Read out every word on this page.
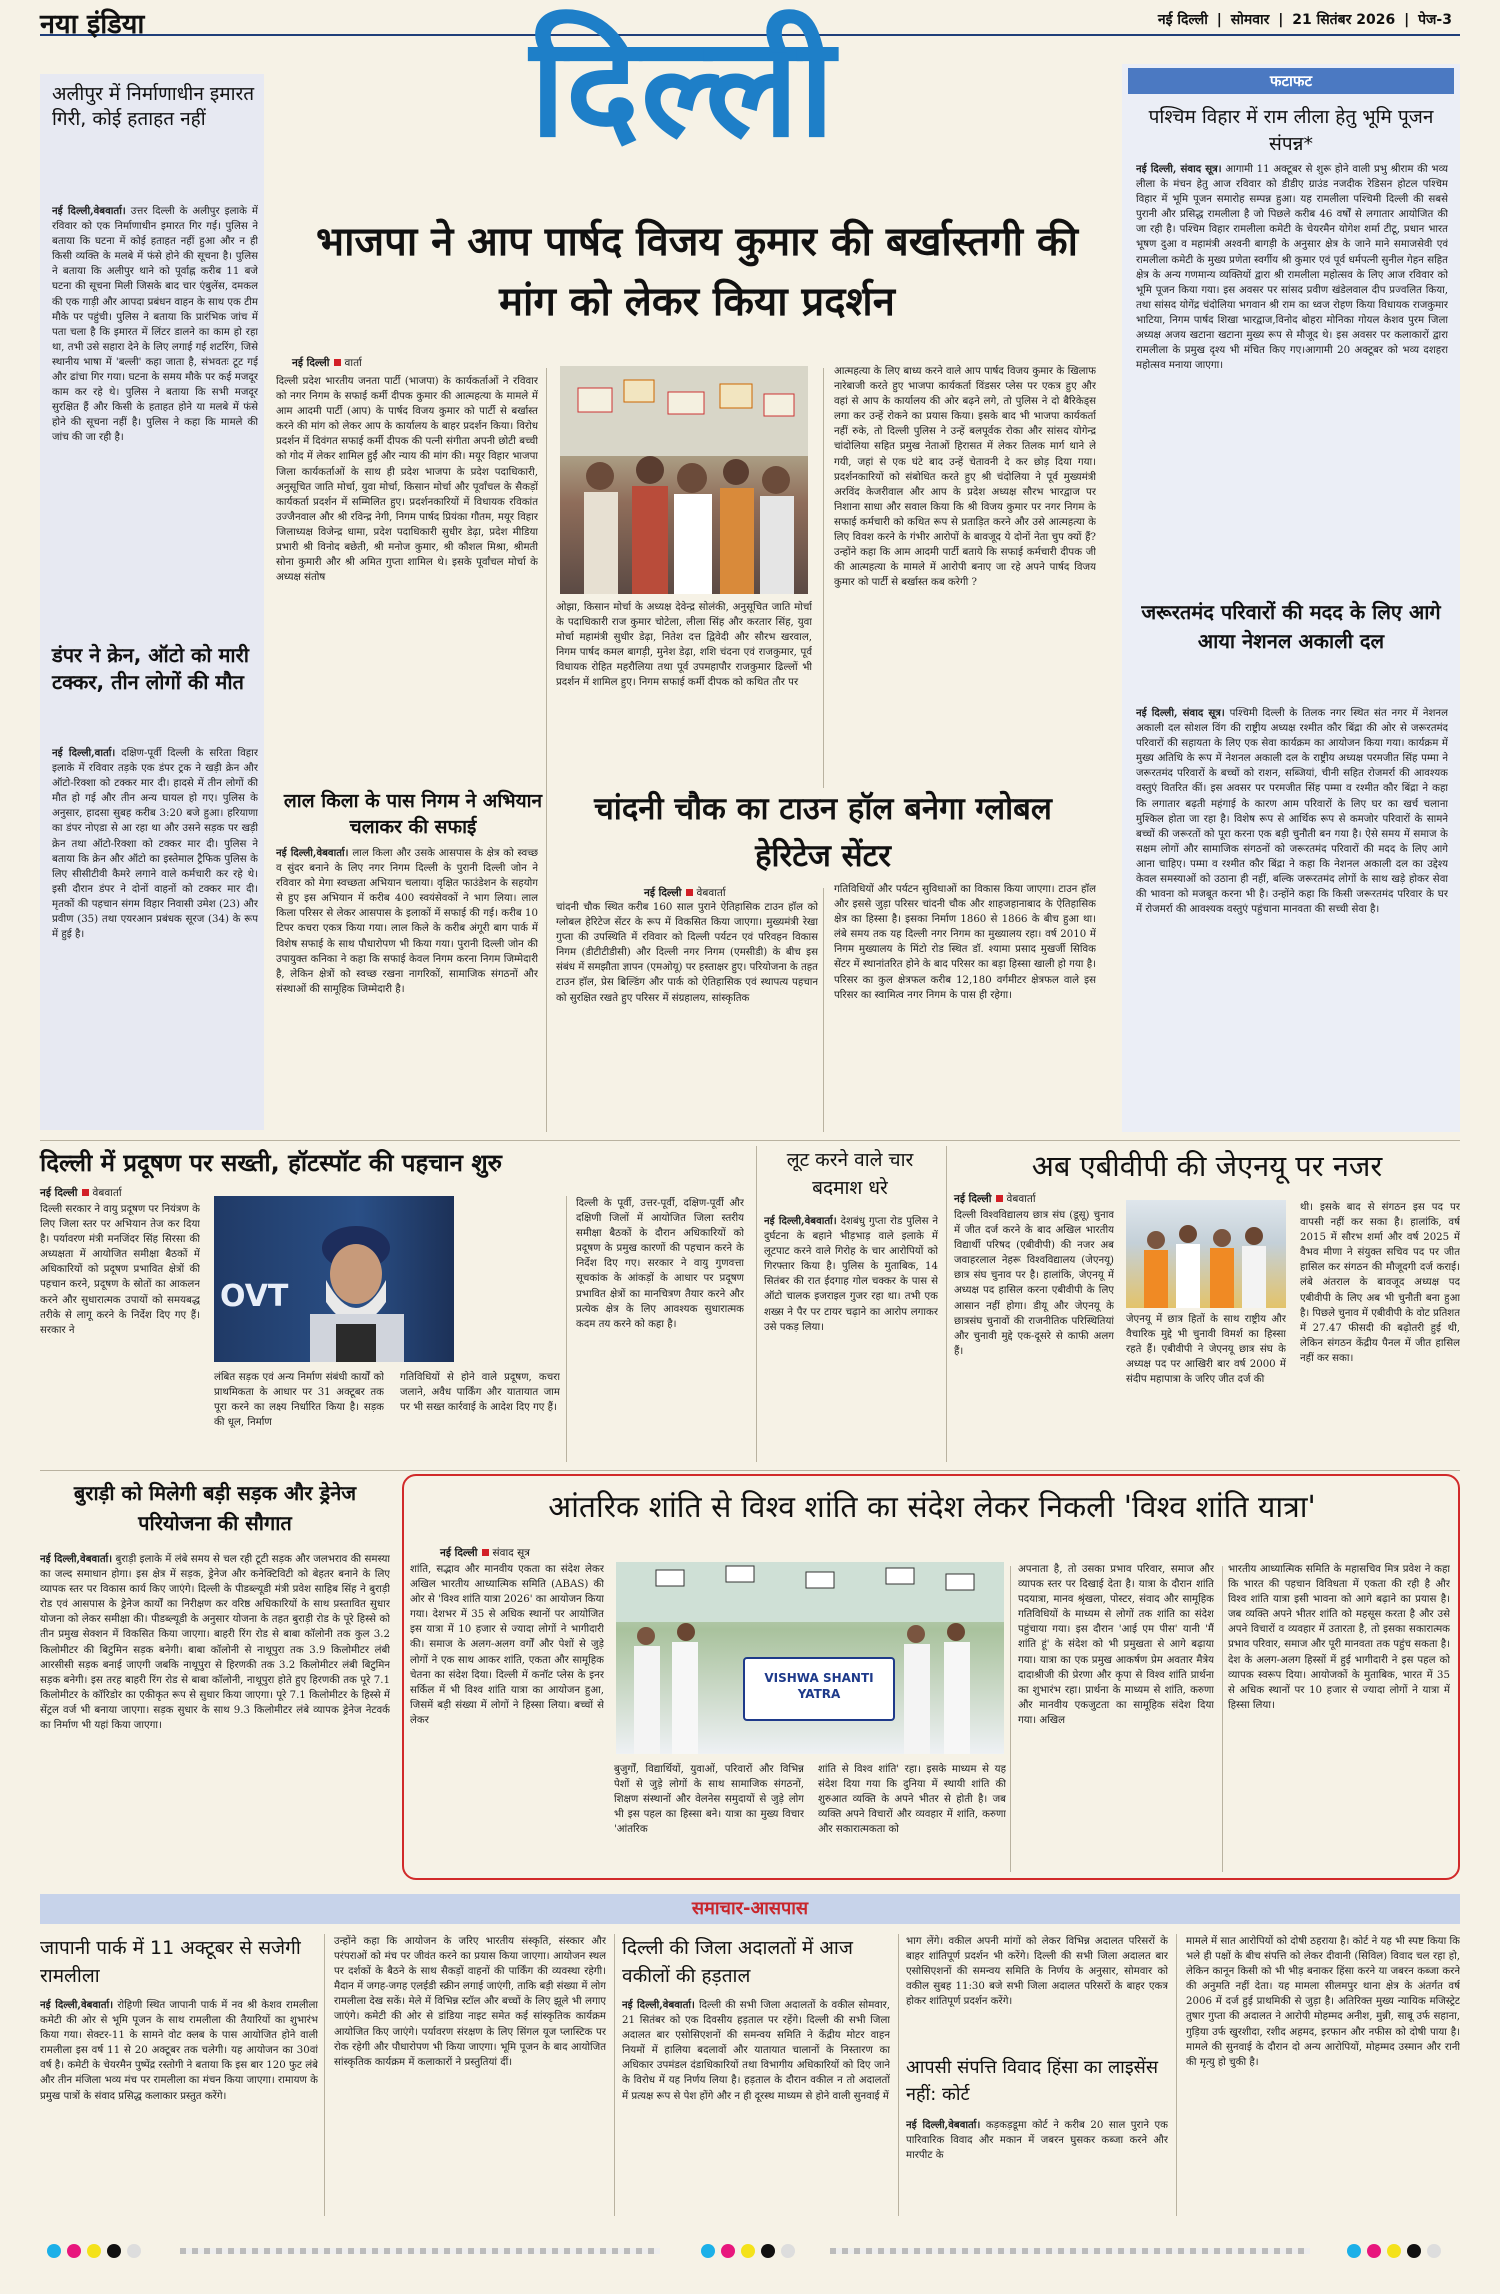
नया इंडिया	नई दिल्ली | सोमवार | 21 सितंबर 2026 | पेज-3
दिल्ली
अलीपुर में निर्माणाधीन इमारत गिरी, कोई हताहत नहीं
नई दिल्ली,वेबवार्ता। उत्तर दिल्ली के अलीपुर इलाके में रविवार को एक निर्माणाधीन इमारत गिर गई। पुलिस ने बताया कि घटना में कोई हताहत नहीं हुआ और न ही किसी व्यक्ति के मलबे में फंसे होने की सूचना है। पुलिस ने बताया कि अलीपुर थाने को पूर्वाह्न करीब 11 बजे घटना की सूचना मिली जिसके बाद चार एंबुलेंस, दमकल की एक गाड़ी और आपदा प्रबंधन वाहन के साथ एक टीम मौके पर पहुंची। पुलिस ने बताया कि प्रारंभिक जांच में पता चला है कि इमारत में लिंटर डालने का काम हो रहा था, तभी उसे सहारा देने के लिए लगाई गई शटरिंग, जिसे स्थानीय भाषा में 'बल्ली' कहा जाता है, संभवतः टूट गई और ढांचा गिर गया। घटना के समय मौके पर कई मजदूर काम कर रहे थे। पुलिस ने बताया कि सभी मजदूर सुरक्षित हैं और किसी के हताहत होने या मलबे में फंसे होने की सूचना नहीं है। पुलिस ने कहा कि मामले की जांच की जा रही है।
डंपर ने क्रेन, ऑटो को मारी टक्कर, तीन लोगों की मौत
नई दिल्ली,वार्ता। दक्षिण-पूर्वी दिल्ली के सरिता विहार इलाके में रविवार तड़के एक डंपर ट्रक ने खड़ी क्रेन और ऑटो-रिक्शा को टक्कर मार दी। हादसे में तीन लोगों की मौत हो गई और तीन अन्य घायल हो गए। पुलिस के अनुसार, हादसा सुबह करीब 3:20 बजे हुआ। हरियाणा का डंपर नोएडा से आ रहा था और उसने सड़क पर खड़ी क्रेन तथा ऑटो-रिक्शा को टक्कर मार दी। पुलिस ने बताया कि क्रेन और ऑटो का इस्तेमाल ट्रैफिक पुलिस के लिए सीसीटीवी कैमरे लगाने वाले कर्मचारी कर रहे थे। इसी दौरान डंपर ने दोनों वाहनों को टक्कर मार दी। मृतकों की पहचान संगम विहार निवासी उमेश (23) और प्रवीण (35) तथा एयरआन प्रबंधक सूरज (34) के रूप में हुई है।
भाजपा ने आप पार्षद विजय कुमार की बर्खास्तगी की मांग को लेकर किया प्रदर्शन
नई दिल्ली वार्ता
दिल्ली प्रदेश भारतीय जनता पार्टी (भाजपा) के कार्यकर्ताओं ने रविवार को नगर निगम के सफाई कर्मी दीपक कुमार की आत्महत्या के मामले में आम आदमी पार्टी (आप) के पार्षद विजय कुमार को पार्टी से बर्खास्त करने की मांग को लेकर आप के कार्यालय के बाहर प्रदर्शन किया। विरोध प्रदर्शन में दिवंगत सफाई कर्मी दीपक की पत्नी संगीता अपनी छोटी बच्ची को गोद में लेकर शामिल हुईं और न्याय की मांग की। मयूर विहार भाजपा जिला कार्यकर्ताओं के साथ ही प्रदेश भाजपा के प्रदेश पदाधिकारी, अनुसूचित जाति मोर्चा, युवा मोर्चा, किसान मोर्चा और पूर्वांचल के सैकड़ों कार्यकर्ता प्रदर्शन में सम्मिलित हुए। प्रदर्शनकारियों में विधायक रविकांत उज्जैनवाल और श्री रविन्द्र नेगी, निगम पार्षद प्रियंका गौतम, मयूर विहार जिलाध्यक्ष विजेन्द्र धामा, प्रदेश पदाधिकारी सुधीर डेढ़ा, प्रदेश मीडिया प्रभारी श्री विनोद बछेती, श्री मनोज कुमार, श्री कौशल मिश्रा, श्रीमती सोना कुमारी और श्री अमित गुप्ता शामिल थे। इसके पूर्वांचल मोर्चा के अध्यक्ष संतोष
ओझा, किसान मोर्चा के अध्यक्ष देवेन्द्र सोलंकी, अनुसूचित जाति मोर्चा के पदाधिकारी राज कुमार चोटेला, लीला सिंह और करतार सिंह, युवा मोर्चा महामंत्री सुधीर डेढ़ा, नितेश दत्त द्विवेदी और सौरभ खरवाल, निगम पार्षद कमल बागड़ी, मुनेश डेढ़ा, शशि चंदना एवं राजकुमार, पूर्व विधायक रोहित महरौलिया तथा पूर्व उपमहापौर राजकुमार ढिल्लों भी प्रदर्शन में शामिल हुए। निगम सफाई कर्मी दीपक को कथित तौर पर
आत्महत्या के लिए बाध्य करने वाले आप पार्षद विजय कुमार के खिलाफ नारेबाजी करते हुए भाजपा कार्यकर्ता विंडसर प्लेस पर एकत्र हुए और वहां से आप के कार्यालय की ओर बढ़ने लगे, तो पुलिस ने दो बैरिकेड्स लगा कर उन्हें रोकने का प्रयास किया। इसके बाद भी भाजपा कार्यकर्ता नहीं रुके, तो दिल्ली पुलिस ने उन्हें बलपूर्वक रोका और सांसद योगेन्द्र चांदोलिया सहित प्रमुख नेताओं हिरासत में लेकर तिलक मार्ग थाने ले गयी, जहां से एक घंटे बाद उन्हें चेतावनी दे कर छोड़ दिया गया। प्रदर्शनकारियों को संबोधित करते हुए श्री चंदोलिया ने पूर्व मुख्यमंत्री अरविंद केजरीवाल और आप के प्रदेश अध्यक्ष सौरभ भारद्वाज पर निशाना साधा और सवाल किया कि श्री विजय कुमार पर नगर निगम के सफाई कर्मचारी को कथित रूप से प्रताड़ित करने और उसे आत्महत्या के लिए विवश करने के गंभीर आरोपों के बावजूद ये दोनों नेता चुप क्यों हैं? उन्होंने कहा कि आम आदमी पार्टी बताये कि सफाई कर्मचारी दीपक जी की आत्महत्या के मामले में आरोपी बनाए जा रहे अपने पार्षद विजय कुमार को पार्टी से बर्खास्त कब करेगी ?
लाल किला के पास निगम ने अभियान चलाकर की सफाई
नई दिल्ली,वेबवार्ता। लाल किला और उसके आसपास के क्षेत्र को स्वच्छ व सुंदर बनाने के लिए नगर निगम दिल्ली के पुरानी दिल्ली जोन ने रविवार को मेगा स्वच्छता अभियान चलाया। वृक्षित फाउंडेशन के सहयोग से हुए इस अभियान में करीब 400 स्वयंसेवकों ने भाग लिया। लाल किला परिसर से लेकर आसपास के इलाकों में सफाई की गई। करीब 10 टिपर कचरा एकत्र किया गया। लाल किले के करीब अंगूरी बाग पार्क में विशेष सफाई के साथ पौधारोपण भी किया गया। पुरानी दिल्ली जोन की उपायुक्त कनिका ने कहा कि सफाई केवल निगम करना निगम जिम्मेदारी है, लेकिन क्षेत्रों को स्वच्छ रखना नागरिकों, सामाजिक संगठनों और संस्थाओं की सामूहिक जिम्मेदारी है।
चांदनी चौक का टाउन हॉल बनेगा ग्लोबल हेरिटेज सेंटर
नई दिल्ली वेबवार्ता
चांदनी चौक स्थित करीब 160 साल पुराने ऐतिहासिक टाउन हॉल को ग्लोबल हेरिटेज सेंटर के रूप में विकसित किया जाएगा। मुख्यमंत्री रेखा गुप्ता की उपस्थिति में रविवार को दिल्ली पर्यटन एवं परिवहन विकास निगम (डीटीटीडीसी) और दिल्ली नगर निगम (एमसीडी) के बीच इस संबंध में समझौता ज्ञापन (एमओयू) पर हस्ताक्षर हुए। परियोजना के तहत टाउन हॉल, प्रेस बिल्डिंग और पार्क को ऐतिहासिक एवं स्थापत्य पहचान को सुरक्षित रखते हुए परिसर में संग्रहालय, सांस्कृतिक
गतिविधियों और पर्यटन सुविधाओं का विकास किया जाएगा। टाउन हॉल और इससे जुड़ा परिसर चांदनी चौक और शाहजहानाबाद के ऐतिहासिक क्षेत्र का हिस्सा है। इसका निर्माण 1860 से 1866 के बीच हुआ था। लंबे समय तक यह दिल्ली नगर निगम का मुख्यालय रहा। वर्ष 2010 में निगम मुख्यालय के मिंटो रोड स्थित डॉ. श्यामा प्रसाद मुखर्जी सिविक सेंटर में स्थानांतरित होने के बाद परिसर का बड़ा हिस्सा खाली हो गया है। परिसर का कुल क्षेत्रफल करीब 12,180 वर्गमीटर क्षेत्रफल वाले इस परिसर का स्वामित्व नगर निगम के पास ही रहेगा।
फटाफट
पश्चिम विहार में राम लीला हेतु भूमि पूजन संपन्न*
नई दिल्ली, संवाद सूत्र। आगामी 11 अक्टूबर से शुरू होने वाली प्रभु श्रीराम की भव्य लीला के मंचन हेतु आज रविवार को डीडीए ग्राउंड नजदीक रेडिसन होटल पश्चिम विहार में भूमि पूजन समारोह सम्पन्न हुआ। यह रामलीला पश्चिमी दिल्ली की सबसे पुरानी और प्रसिद्ध रामलीला है जो पिछले करीब 46 वर्षों से लगातार आयोजित की जा रही है। पश्चिम विहार रामलीला कमेटी के चेयरमैन योगेश शर्मा टीटू, प्रधान भारत भूषण दुआ व महामंत्री अश्वनी बागड़ी के अनुसार क्षेत्र के जाने माने समाजसेवी एवं रामलीला कमेटी के मुख्य प्रणेता स्वर्गीय श्री कुमार एवं पूर्व धर्मपत्नी सुनील गेहन सहित क्षेत्र के अन्य गणमान्य व्यक्तियों द्वारा श्री रामलीला महोत्सव के लिए आज रविवार को भूमि पूजन किया गया। इस अवसर पर सांसद प्रवीण खंडेलवाल दीप प्रज्वलित किया, तथा सांसद योगेंद्र चंदोलिया भगवान श्री राम का ध्वज रोहण किया विधायक राजकुमार भाटिया, निगम पार्षद शिखा भारद्वाज,विनोद बोहरा मोनिका गोयल केशव पुरम जिला अध्यक्ष अजय खटाना खटाना मुख्य रूप से मौजूद थे। इस अवसर पर कलाकारों द्वारा रामलीला के प्रमुख दृश्य भी मंचित किए गए।आगामी 20 अक्टूबर को भव्य दशहरा महोत्सव मनाया जाएगा।
जरूरतमंद परिवारों की मदद के लिए आगे आया नेशनल अकाली दल
नई दिल्ली, संवाद सूत्र। पश्चिमी दिल्ली के तिलक नगर स्थित संत नगर में नेशनल अकाली दल सोशल विंग की राष्ट्रीय अध्यक्ष रश्मीत कौर बिंद्रा की ओर से जरूरतमंद परिवारों की सहायता के लिए एक सेवा कार्यक्रम का आयोजन किया गया। कार्यक्रम में मुख्य अतिथि के रूप में नेशनल अकाली दल के राष्ट्रीय अध्यक्ष परमजीत सिंह पम्मा ने जरूरतमंद परिवारों के बच्चों को राशन, सब्जियां, चीनी सहित रोजमर्रा की आवश्यक वस्तुएं वितरित कीं। इस अवसर पर परमजीत सिंह पम्मा व रश्मीत कौर बिंद्रा ने कहा कि लगातार बढ़ती महंगाई के कारण आम परिवारों के लिए घर का खर्च चलाना मुश्किल होता जा रहा है। विशेष रूप से आर्थिक रूप से कमजोर परिवारों के सामने बच्चों की जरूरतों को पूरा करना एक बड़ी चुनौती बन गया है। ऐसे समय में समाज के सक्षम लोगों और सामाजिक संगठनों को जरूरतमंद परिवारों की मदद के लिए आगे आना चाहिए। पम्मा व रश्मीत कौर बिंद्रा ने कहा कि नेशनल अकाली दल का उद्देश्य केवल समस्याओं को उठाना ही नहीं, बल्कि जरूरतमंद लोगों के साथ खड़े होकर सेवा की भावना को मजबूत करना भी है। उन्होंने कहा कि किसी जरूरतमंद परिवार के घर में रोजमर्रा की आवश्यक वस्तुएं पहुंचाना मानवता की सच्ची सेवा है।
दिल्ली में प्रदूषण पर सख्ती, हॉटस्पॉट की पहचान शुरु
नई दिल्ली वेबवार्ता
दिल्ली सरकार ने वायु प्रदूषण पर नियंत्रण के लिए जिला स्तर पर अभियान तेज कर दिया है। पर्यावरण मंत्री मनजिंदर सिंह सिरसा की अध्यक्षता में आयोजित समीक्षा बैठकों में अधिकारियों को प्रदूषण प्रभावित क्षेत्रों की पहचान करने, प्रदूषण के स्रोतों का आकलन करने और सुधारात्मक उपायों को समयबद्ध तरीके से लागू करने के निर्देश दिए गए हैं। सरकार ने
OVT
लंबित सड़क एवं अन्य निर्माण संबंधी कार्यों को प्राथमिकता के आधार पर 31 अक्टूबर तक पूरा करने का लक्ष्य निर्धारित किया है। सड़क की धूल, निर्माण
गतिविधियों से होने वाले प्रदूषण, कचरा जलाने, अवैध पार्किंग और यातायात जाम पर भी सख्त कार्रवाई के आदेश दिए गए हैं।
दिल्ली के पूर्वी, उत्तर-पूर्वी, दक्षिण-पूर्वी और दक्षिणी जिलों में आयोजित जिला स्तरीय समीक्षा बैठकों के दौरान अधिकारियों को प्रदूषण के प्रमुख कारणों की पहचान करने के निर्देश दिए गए। सरकार ने वायु गुणवत्ता सूचकांक के आंकड़ों के आधार पर प्रदूषण प्रभावित क्षेत्रों का मानचित्रण तैयार करने और प्रत्येक क्षेत्र के लिए आवश्यक सुधारात्मक कदम तय करने को कहा है।
लूट करने वाले चार बदमाश धरे
नई दिल्ली,वेबवार्ता। देशबंधु गुप्ता रोड पुलिस ने दुर्घटना के बहाने भीड़भाड़ वाले इलाके में लूटपाट करने वाले गिरोह के चार आरोपियों को गिरफ्तार किया है। पुलिस के मुताबिक, 14 सितंबर की रात ईदगाह गोल चक्कर के पास से ऑटो चालक इजराइल गुजर रहा था। तभी एक शख्स ने पैर पर टायर चढ़ाने का आरोप लगाकर उसे पकड़ लिया।
अब एबीवीपी की जेएनयू पर नजर
नई दिल्ली वेबवार्ता
दिल्ली विश्वविद्यालय छात्र संघ (डूसू) चुनाव में जीत दर्ज करने के बाद अखिल भारतीय विद्यार्थी परिषद (एबीवीपी) की नजर अब जवाहरलाल नेहरू विश्वविद्यालय (जेएनयू) छात्र संघ चुनाव पर है। हालांकि, जेएनयू में अध्यक्ष पद हासिल करना एबीवीपी के लिए आसान नहीं होगा। डीयू और जेएनयू के छात्रसंघ चुनावों की राजनीतिक परिस्थितियां और चुनावी मुद्दे एक-दूसरे से काफी अलग हैं।
जेएनयू में छात्र हितों के साथ राष्ट्रीय और वैचारिक मुद्दे भी चुनावी विमर्श का हिस्सा रहते हैं। एबीवीपी ने जेएनयू छात्र संघ के अध्यक्ष पद पर आखिरी बार वर्ष 2000 में संदीप महापात्रा के जरिए जीत दर्ज की
थी। इसके बाद से संगठन इस पद पर वापसी नहीं कर सका है। हालांकि, वर्ष 2015 में सौरभ शर्मा और वर्ष 2025 में वैभव मीणा ने संयुक्त सचिव पद पर जीत हासिल कर संगठन की मौजूदगी दर्ज कराई। लंबे अंतराल के बावजूद अध्यक्ष पद एबीवीपी के लिए अब भी चुनौती बना हुआ है। पिछले चुनाव में एबीवीपी के वोट प्रतिशत में 27.47 फीसदी की बढ़ोतरी हुई थी, लेकिन संगठन केंद्रीय पैनल में जीत हासिल नहीं कर सका।
बुराड़ी को मिलेगी बड़ी सड़क और ड्रेनेज परियोजना की सौगात
नई दिल्ली,वेबवार्ता। बुराड़ी इलाके में लंबे समय से चल रही टूटी सड़क और जलभराव की समस्या का जल्द समाधान होगा। इस क्षेत्र में सड़क, ड्रेनेज और कनेक्टिविटी को बेहतर बनाने के लिए व्यापक स्तर पर विकास कार्य किए जाएंगे। दिल्ली के पीडब्ल्यूडी मंत्री प्रवेश साहिब सिंह ने बुराड़ी रोड एवं आसपास के ड्रेनेज कार्यों का निरीक्षण कर वरिष्ठ अधिकारियों के साथ प्रस्तावित सुधार योजना को लेकर समीक्षा की। पीडब्ल्यूडी के अनुसार योजना के तहत बुराड़ी रोड के पूरे हिस्से को तीन प्रमुख सेक्शन में विकसित किया जाएगा। बाहरी रिंग रोड से बाबा कॉलोनी तक कुल 3.2 किलोमीटर की बिटुमिन सड़क बनेगी। बाबा कॉलोनी से नाथूपुरा तक 3.9 किलोमीटर लंबी आरसीसी सड़क बनाई जाएगी जबकि नाथूपुरा से हिरणकी तक 3.2 किलोमीटर लंबी बिटुमिन सड़क बनेगी। इस तरह बाहरी रिंग रोड से बाबा कॉलोनी, नाथूपुरा होते हुए हिरणकी तक पूरे 7.1 किलोमीटर के कॉरिडोर का एकीकृत रूप से सुधार किया जाएगा। पूरे 7.1 किलोमीटर के हिस्से में सेंट्रल वर्ज भी बनाया जाएगा। सड़क सुधार के साथ 9.3 किलोमीटर लंबे व्यापक ड्रेनेज नेटवर्क का निर्माण भी यहां किया जाएगा।
आंतरिक शांति से विश्व शांति का संदेश लेकर निकली 'विश्व शांति यात्रा'
नई दिल्ली संवाद सूत्र
शांति, सद्भाव और मानवीय एकता का संदेश लेकर अखिल भारतीय आध्यात्मिक समिति (ABAS) की ओर से 'विश्व शांति यात्रा 2026' का आयोजन किया गया। देशभर में 35 से अधिक स्थानों पर आयोजित इस यात्रा में 10 हजार से ज्यादा लोगों ने भागीदारी की। समाज के अलग-अलग वर्गों और पेशों से जुड़े लोगों ने एक साथ आकर शांति, एकता और सामूहिक चेतना का संदेश दिया। दिल्ली में कनॉट प्लेस के इनर सर्किल में भी विश्व शांति यात्रा का आयोजन हुआ, जिसमें बड़ी संख्या में लोगों ने हिस्सा लिया। बच्चों से लेकर
VISHWA SHANTI
YATRA
बुजुर्गों, विद्यार्थियों, युवाओं, परिवारों और विभिन्न पेशों से जुड़े लोगों के साथ सामाजिक संगठनों, शिक्षण संस्थानों और वेलनेस समुदायों से जुड़े लोग भी इस पहल का हिस्सा बने। यात्रा का मुख्य विचार 'आंतरिक
शांति से विश्व शांति' रहा। इसके माध्यम से यह संदेश दिया गया कि दुनिया में स्थायी शांति की शुरुआत व्यक्ति के अपने भीतर से होती है। जब व्यक्ति अपने विचारों और व्यवहार में शांति, करुणा और सकारात्मकता को
अपनाता है, तो उसका प्रभाव परिवार, समाज और व्यापक स्तर पर दिखाई देता है। यात्रा के दौरान शांति पदयात्रा, मानव श्रृंखला, पोस्टर, संवाद और सामूहिक गतिविधियों के माध्यम से लोगों तक शांति का संदेश पहुंचाया गया। इस दौरान 'आई एम पीस' यानी 'मैं शांति हूं' के संदेश को भी प्रमुखता से आगे बढ़ाया गया। यात्रा का एक प्रमुख आकर्षण प्रेम अवतार मैत्रेय दादाश्रीजी की प्रेरणा और कृपा से विश्व शांति प्रार्थना का शुभारंभ रहा। प्रार्थना के माध्यम से शांति, करुणा और मानवीय एकजुटता का सामूहिक संदेश दिया गया। अखिल
भारतीय आध्यात्मिक समिति के महासचिव मित्र प्रवेश ने कहा कि भारत की पहचान विविधता में एकता की रही है और विश्व शांति यात्रा इसी भावना को आगे बढ़ाने का प्रयास है। जब व्यक्ति अपने भीतर शांति को महसूस करता है और उसे अपने विचारों व व्यवहार में उतारता है, तो इसका सकारात्मक प्रभाव परिवार, समाज और पूरी मानवता तक पहुंच सकता है। देश के अलग-अलग हिस्सों में हुई भागीदारी ने इस पहल को व्यापक स्वरूप दिया। आयोजकों के मुताबिक, भारत में 35 से अधिक स्थानों पर 10 हजार से ज्यादा लोगों ने यात्रा में हिस्सा लिया।
समाचार-आसपास
जापानी पार्क में 11 अक्टूबर से सजेगी रामलीला
नई दिल्ली,वेबवार्ता। रोहिणी स्थित जापानी पार्क में नव श्री केशव रामलीला कमेटी की ओर से भूमि पूजन के साथ रामलीला की तैयारियों का शुभारंभ किया गया। सेक्टर-11 के सामने वोट क्लब के पास आयोजित होने वाली रामलीला इस वर्ष 11 से 20 अक्टूबर तक चलेगी। यह आयोजन का 30वां वर्ष है। कमेटी के चेयरमैन पुष्पेंद्र रस्तोगी ने बताया कि इस बार 120 फुट लंबे और तीन मंजिला भव्य मंच पर रामलीला का मंचन किया जाएगा। रामायण के प्रमुख पात्रों के संवाद प्रसिद्ध कलाकार प्रस्तुत करेंगे।
उन्होंने कहा कि आयोजन के जरिए भारतीय संस्कृति, संस्कार और परंपराओं को मंच पर जीवंत करने का प्रयास किया जाएगा। आयोजन स्थल पर दर्शकों के बैठने के साथ सैकड़ों वाहनों की पार्किंग की व्यवस्था रहेगी। मैदान में जगह-जगह एलईडी स्क्रीन लगाई जाएंगी, ताकि बड़ी संख्या में लोग रामलीला देख सकें। मेले में विभिन्न स्टॉल और बच्चों के लिए झूले भी लगाए जाएंगे। कमेटी की ओर से डांडिया नाइट समेत कई सांस्कृतिक कार्यक्रम आयोजित किए जाएंगे। पर्यावरण संरक्षण के लिए सिंगल यूज प्लास्टिक पर रोक रहेगी और पौधारोपण भी किया जाएगा। भूमि पूजन के बाद आयोजित सांस्कृतिक कार्यक्रम में कलाकारों ने प्रस्तुतियां दीं।
दिल्ली की जिला अदालतों में आज वकीलों की हड़ताल
नई दिल्ली,वेबवार्ता। दिल्ली की सभी जिला अदालतों के वकील सोमवार, 21 सितंबर को एक दिवसीय हड़ताल पर रहेंगे। दिल्ली की सभी जिला अदालत बार एसोसिएशनों की समन्वय समिति ने केंद्रीय मोटर वाहन नियमों में हालिया बदलावों और यातायात चालानों के निस्तारण का अधिकार उपमंडल दंडाधिकारियों तथा विभागीय अधिकारियों को दिए जाने के विरोध में यह निर्णय लिया है। हड़ताल के दौरान वकील न तो अदालतों में प्रत्यक्ष रूप से पेश होंगे और न ही दूरस्थ माध्यम से होने वाली सुनवाई में
भाग लेंगे। वकील अपनी मांगों को लेकर विभिन्न अदालत परिसरों के बाहर शांतिपूर्ण प्रदर्शन भी करेंगे। दिल्ली की सभी जिला अदालत बार एसोसिएशनों की समन्वय समिति के निर्णय के अनुसार, सोमवार को वकील सुबह 11:30 बजे सभी जिला अदालत परिसरों के बाहर एकत्र होकर शांतिपूर्ण प्रदर्शन करेंगे।
आपसी संपत्ति विवाद हिंसा का लाइसेंस नहीं: कोर्ट
नई दिल्ली,वेबवार्ता। कड़कड़डूमा कोर्ट ने करीब 20 साल पुराने एक पारिवारिक विवाद और मकान में जबरन घुसकर कब्जा करने और मारपीट के
मामले में सात आरोपियों को दोषी ठहराया है। कोर्ट ने यह भी स्पष्ट किया कि भले ही पक्षों के बीच संपत्ति को लेकर दीवानी (सिविल) विवाद चल रहा हो, लेकिन कानून किसी को भी भीड़ बनाकर हिंसा करने या जबरन कब्जा करने की अनुमति नहीं देता। यह मामला सीलमपुर थाना क्षेत्र के अंतर्गत वर्ष 2006 में दर्ज हुई प्राथमिकी से जुड़ा है। अतिरिक्त मुख्य न्यायिक मजिस्ट्रेट तुषार गुप्ता की अदालत ने आरोपी मोहम्मद अनीश, मुन्नी, साबू उर्फ सहाना, गुड़िया उर्फ खुरशीदा, रशीद अहमद, इरफान और नफीस को दोषी पाया है। मामले की सुनवाई के दौरान दो अन्य आरोपियों, मोहम्मद उस्मान और रानी की मृत्यु हो चुकी है।
